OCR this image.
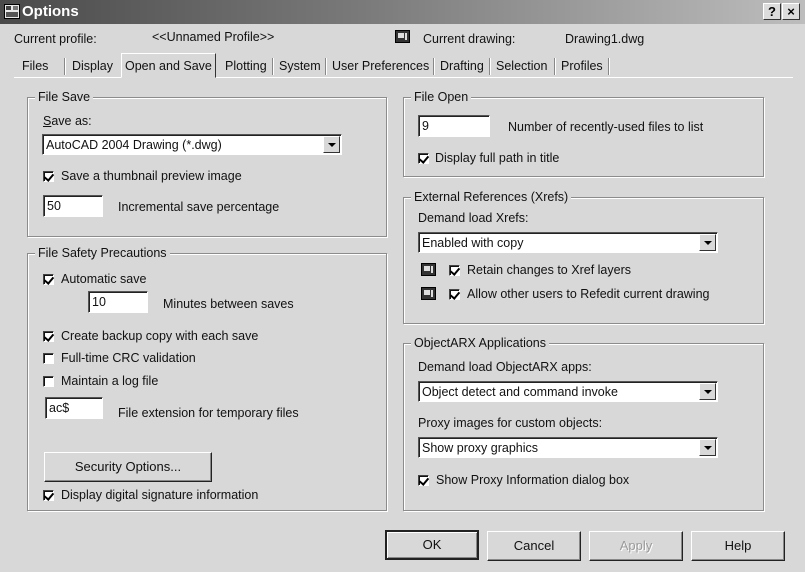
Options	? ×
Current profile:	<<Unnamed Profile>>	Current drawing:	Drawing1.dwg
Files	Display Open and Save	Plotting System User Preferences Drafting Selection	Profiles
File Save
Save as:
AutoCAD 2004 Drawing (*.dwg)
Save a thumbnail preview image
50	Incremental save percentage
File Safety Precautions
Automatic save
10	Minutes between saves
Create backup copy with each save
Full-time CRC validation
Maintain a log file
ac$	File extension for temporary files
Security Options...
Display digital signature information
File Open
9	Number of recently-used files to list
Display full path in title
External References (Xrefs)
Demand load Xrefs:
Enabled with copy
Retain changes to Xref layers
Allow other users to Refedit current drawing
ObjectARX Applications
Demand load ObjectARX apps:
Object detect and command invoke
Proxy images for custom objects:
Show proxy graphics
Show Proxy Information dialog box
OK	Cancel	Apply	Help
